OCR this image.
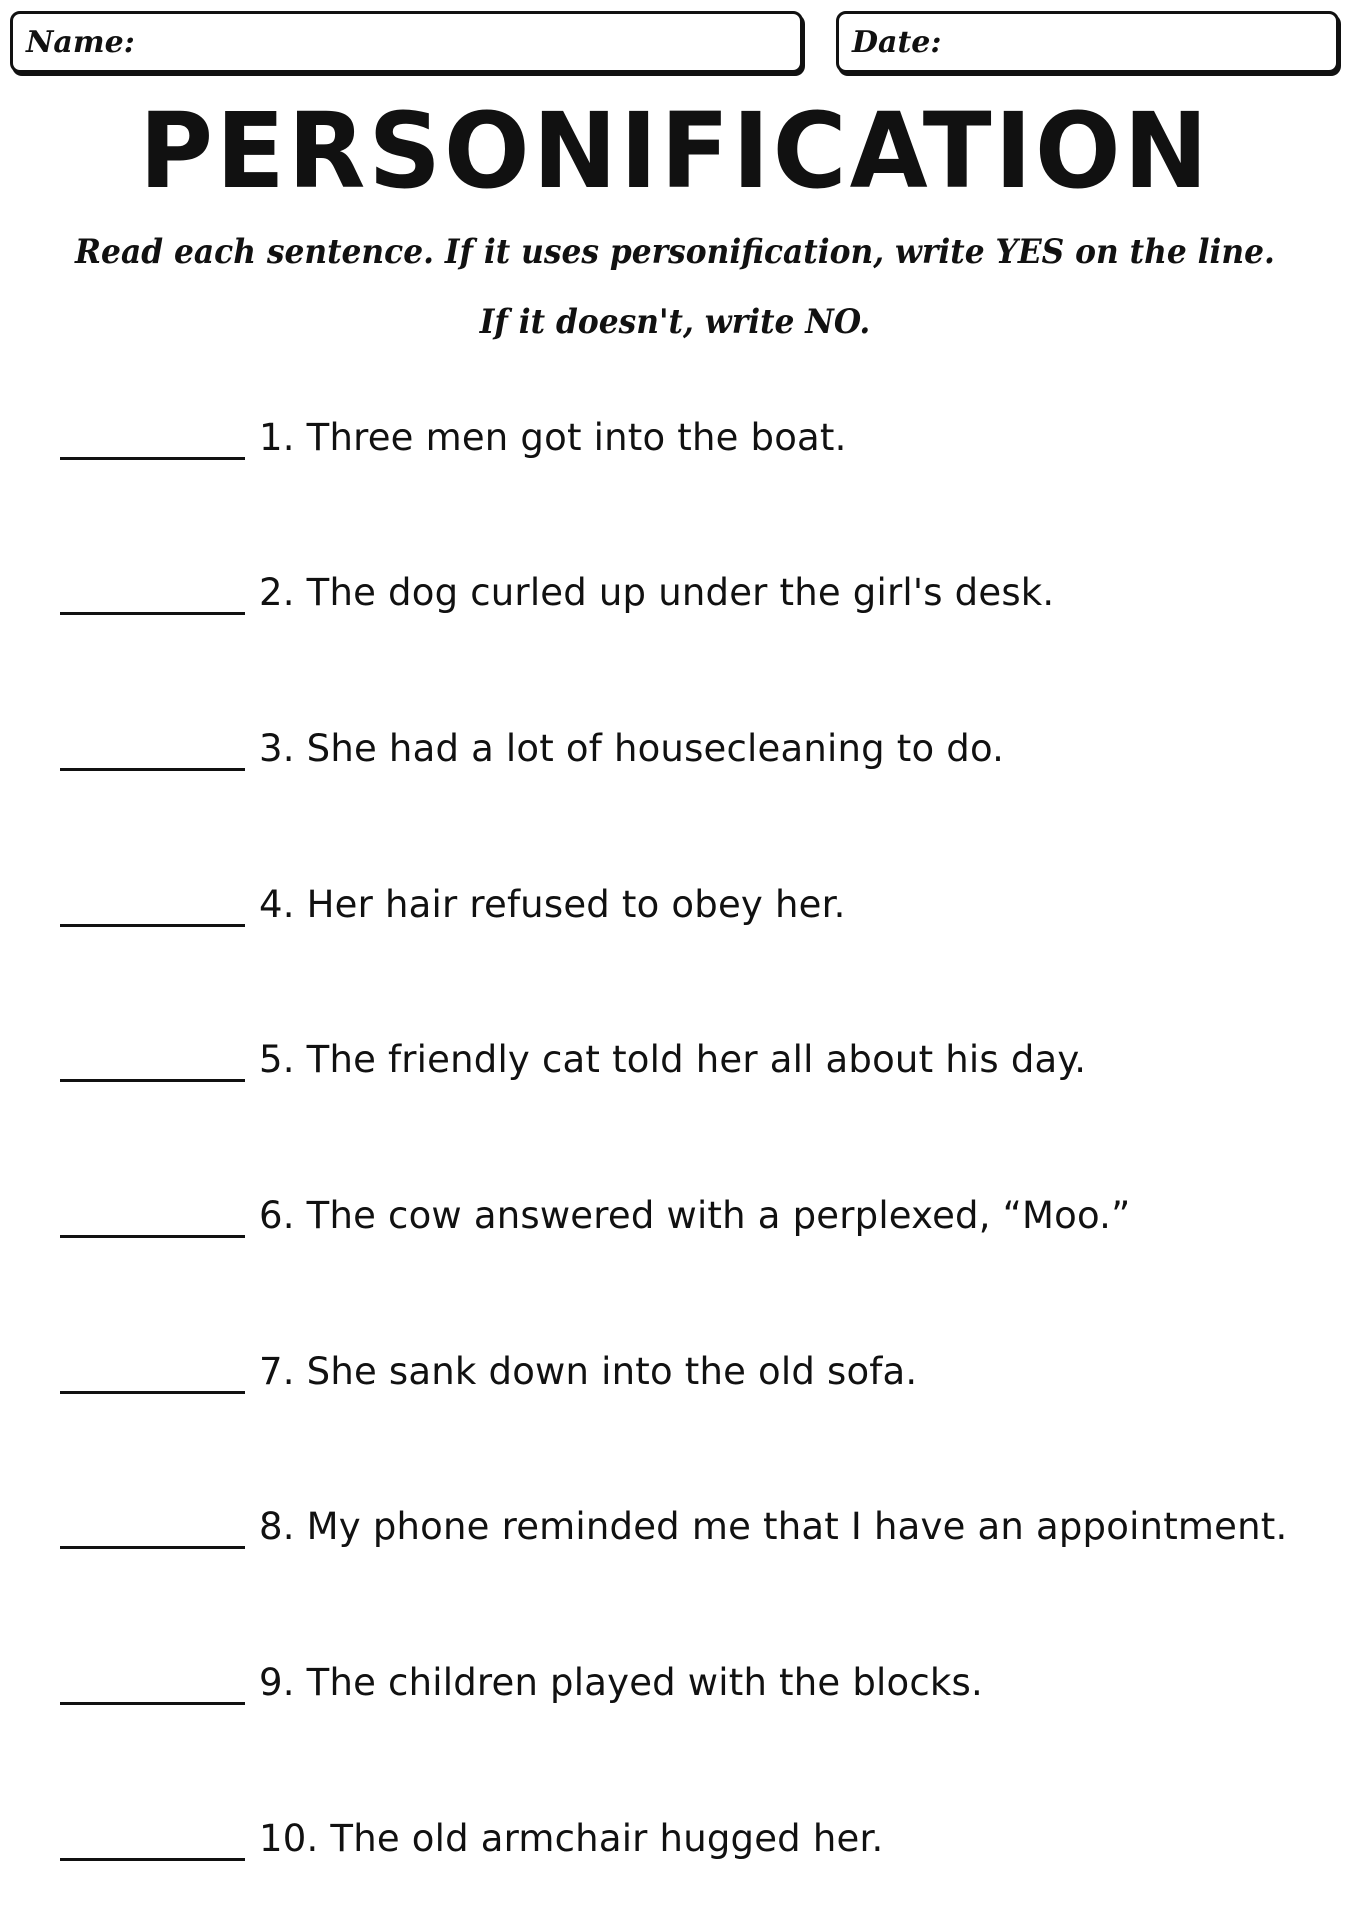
Name:	Date:
PERSONIFICATION
Read each sentence. If it uses personification, write YES on the line.
If it doesn't, write NO.
1. Three men got into the boat.
2. The dog curled up under the girl's desk.
3. She had a lot of housecleaning to do.
4. Her hair refused to obey her.
5. The friendly cat told her all about his day.
6. The cow answered with a perplexed, “Moo.”
7. She sank down into the old sofa.
8. My phone reminded me that I have an appointment.
9. The children played with the blocks.
10. The old armchair hugged her.
